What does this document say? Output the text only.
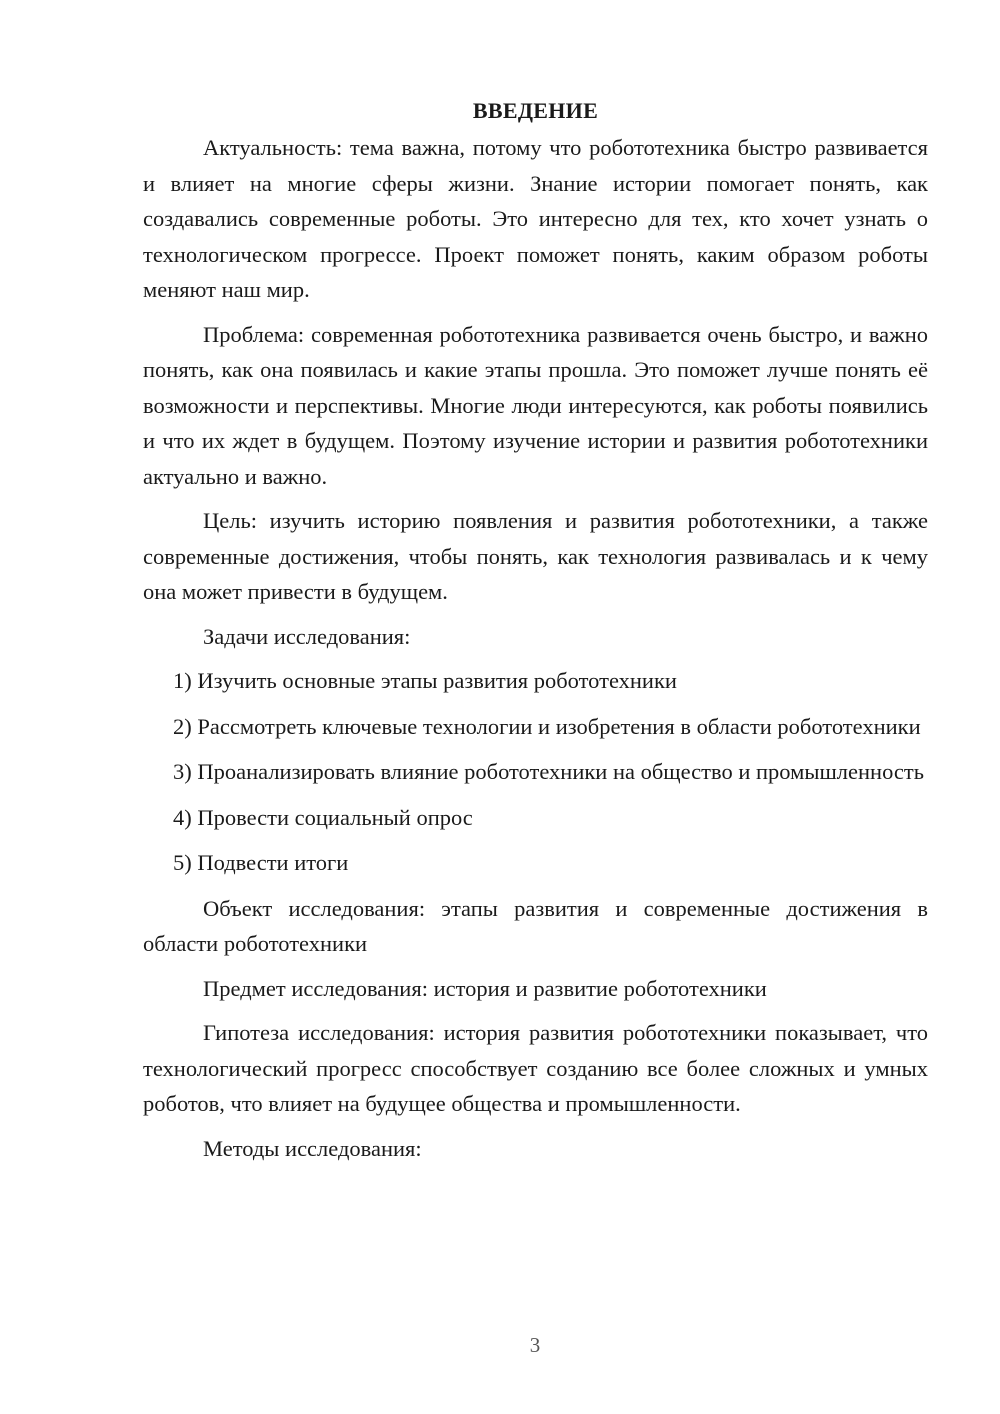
ВВЕДЕНИЕ

Актуальность: тема важна, потому что робототехника быстро развивается и влияет на многие сферы жизни. Знание истории помогает понять, как создавались современные роботы. Это интересно для тех, кто хочет узнать о технологическом прогрессе. Проект поможет понять, каким образом роботы меняют наш мир.

Проблема: современная робототехника развивается очень быстро, и важно понять, как она появилась и какие этапы прошла. Это поможет лучше понять её возможности и перспективы. Многие люди интересуются, как роботы появились и что их ждет в будущем. Поэтому изучение истории и развития робототехники актуально и важно.

Цель: изучить историю появления и развития робототехники, а также современные достижения, чтобы понять, как технология развивалась и к чему она может привести в будущем.

Задачи исследования:

1) Изучить основные этапы развития робототехники

2) Рассмотреть ключевые технологии и изобретения в области робототехники

3) Проанализировать влияние робототехники на общество и промышленность

4) Провести социальный опрос

5) Подвести итоги

Объект исследования: этапы развития и современные достижения в области робототехники

Предмет исследования: история и развитие робототехники

Гипотеза исследования: история развития робототехники показывает, что технологический прогресс способствует созданию все более сложных и умных роботов, что влияет на будущее общества и промышленности.

Методы исследования:

3
